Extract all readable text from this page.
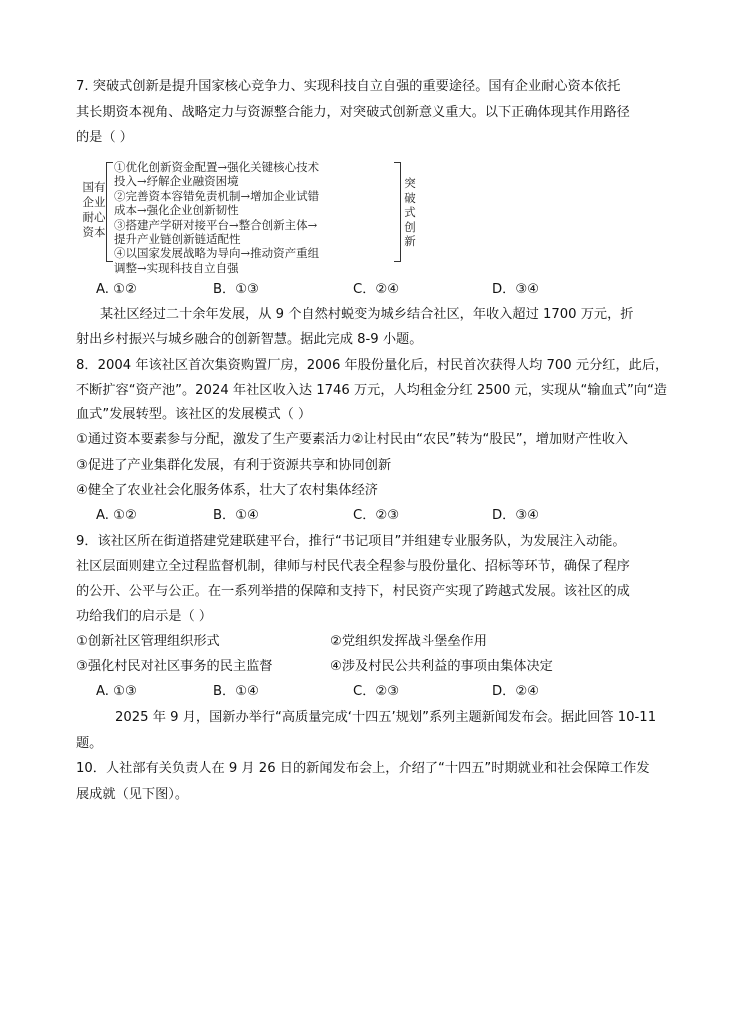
7. 突破式创新是提升国家核心竞争力、实现科技自立自强的重要途径。国有企业耐心资本依托
其长期资本视角、战略定力与资源整合能力，对突破式创新意义重大。以下正确体现其作用路径
的是（ ）
国有
企业
耐心
资本
①优化创新资金配置→强化关键核心技术
投入→纾解企业融资困境
②完善资本容错免责机制→增加企业试错
成本→强化企业创新韧性
③搭建产学研对接平台→整合创新主体→
提升产业链创新链适配性
④以国家发展战略为导向→推动资产重组
调整→实现科技自立自强
突
破
式
创
新
A. ①②	B．①③	C．②④	D．③④
某社区经过二十余年发展，从 9 个自然村蜕变为城乡结合社区，年收入超过 1700 万元，折
射出乡村振兴与城乡融合的创新智慧。据此完成 8-9 小题。
8．2004 年该社区首次集资购置厂房，2006 年股份量化后，村民首次获得人均 700 元分红，此后，
不断扩容“资产池”。2024 年社区收入达 1746 万元，人均租金分红 2500 元，实现从“输血式”向“造
血式”发展转型。该社区的发展模式（ ）
①通过资本要素参与分配，激发了生产要素活力②让村民由“农民”转为“股民”，增加财产性收入
③促进了产业集群化发展，有利于资源共享和协同创新
④健全了农业社会化服务体系，壮大了农村集体经济
A. ①②	B．①④	C．②③	D．③④
9．该社区所在街道搭建党建联建平台，推行“书记项目”并组建专业服务队，为发展注入动能。
社区层面则建立全过程监督机制，律师与村民代表全程参与股份量化、招标等环节，确保了程序
的公开、公平与公正。在一系列举措的保障和支持下，村民资产实现了跨越式发展。该社区的成
功给我们的启示是（ ）
①创新社区管理组织形式	②党组织发挥战斗堡垒作用
③强化村民对社区事务的民主监督	④涉及村民公共利益的事项由集体决定
A. ①③	B．①④	C．②③	D．②④
2025 年 9 月，国新办举行“高质量完成‘十四五’规划”系列主题新闻发布会。据此回答 10-11
题。
10．人社部有关负责人在 9 月 26 日的新闻发布会上，介绍了“十四五”时期就业和社会保障工作发
展成就（见下图）。
